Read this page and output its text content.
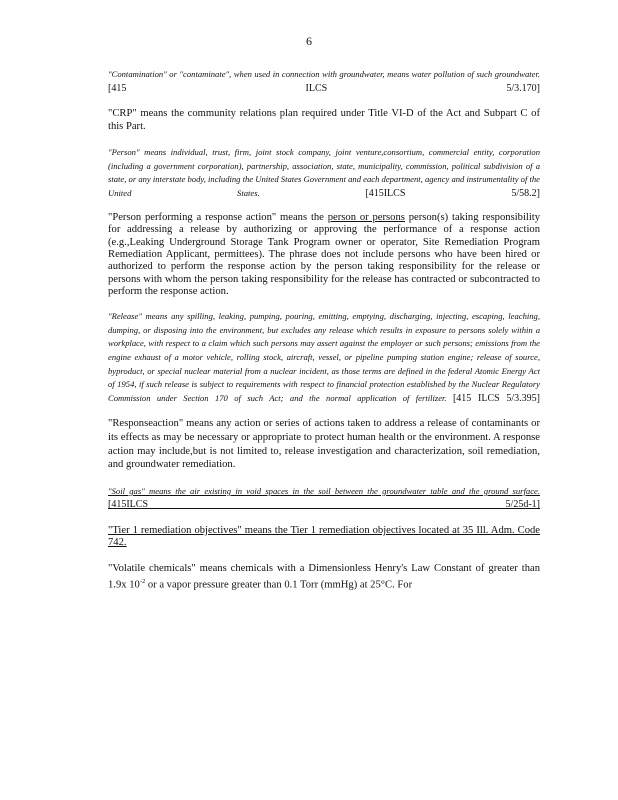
6

"Contamination" or "contaminate", when used in connection with groundwater, means water pollution of such groundwater. [415 ILCS 5/3.170]

"CRP" means the community relations plan required under Title VI-D of the Act and Subpart C of this Part.

"Person" means individual, trust, firm, joint stock company, joint venture,consortium, commercial entity, corporation (including a government corporation), partnership, association, state, municipality, commission, political subdivision of a state, or any interstate body, including the United States Government and each department, agency and instrumentality of the United States.	[415ILCS 5/58.2]

"Person performing a response action" means the person or persons person(s) taking responsibility for addressing a release by authorizing or approving the performance of a response action (e.g.,Leaking Underground Storage Tank Program owner or operator, Site Remediation Program Remediation Applicant, permittees). The phrase does not include persons who have been hired or authorized to perform the response action by the person taking responsibility for the release or persons with whom the person taking responsibility for the release has contracted or subcontracted to perform the response action.

"Release" means any spilling, leaking, pumping, pouring, emitting, emptying, discharging, injecting, escaping, leaching, dumping, or disposing into the environment, but excludes any release which results in exposure to persons solely within a workplace, with respect to a claim which such persons may assert against the employer or such persons; emissions from the engine exhaust of a motor vehicle, rolling stock, aircraft, vessel, or pipeline pumping station engine; release of source, byproduct, or special nuclear material from a nuclear incident, as those terms are defined in the federal Atomic Energy Act of 1954, if such release is subject to requirements with respect to financial protection established by the Nuclear Regulatory Commission under Section 170 of such Act; and the normal application of fertilizer. [415 ILCS 5/3.395]

"Responseaction" means any action or series of actions taken to address a release of contaminants or its effects as may be necessary or appropriate to protect human health or the environment. A response action may include,but is not limited to, release investigation and characterization, soil remediation, and groundwater remediation.

"Soil gas" means the air existing in void spaces in the soil between the groundwater table and the ground surface. [415ILCS 5/25d-1]

"Tier 1 remediation objectives" means the Tier 1 remediation objectives located at 35 Ill. Adm. Code 742.

"Volatile chemicals" means chemicals with a Dimensionless Henry's Law Constant of greater than 1.9x $10^{-2}$ or a vapor pressure greater than 0.1 Torr (mmHg) at 25°C. For
